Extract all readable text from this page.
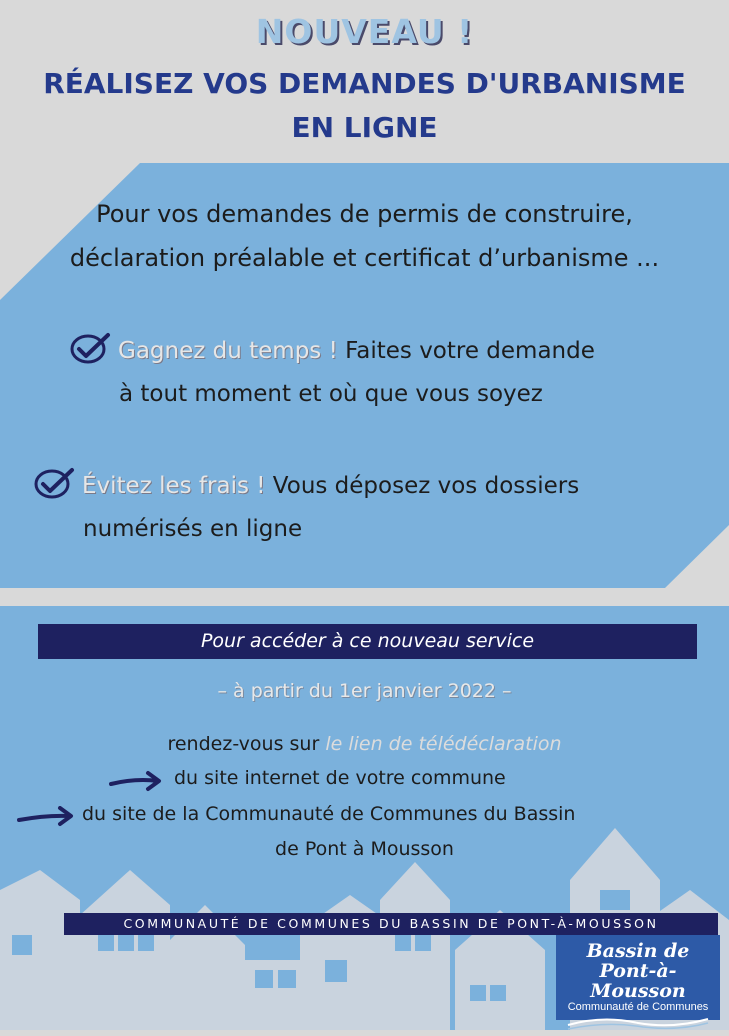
NOUVEAU !
RÉALISEZ VOS DEMANDES D'URBANISME
EN LIGNE
Pour vos demandes de permis de construire,
déclaration préalable et certificat d’urbanisme ...
Gagnez du temps ! Faites votre demande
à tout moment et où que vous soyez
Évitez les frais ! Vous déposez vos dossiers
numérisés en ligne
Pour accéder à ce nouveau service
– à partir du 1er janvier 2022 –
rendez-vous sur le lien de télédéclaration
du site internet de votre commune
du site de la Communauté de Communes du Bassin
de Pont à Mousson
COMMUNAUTÉ DE COMMUNES DU BASSIN DE PONT-À-MOUSSON
Bassin de
Pont-à-Mousson
Communauté de Communes
